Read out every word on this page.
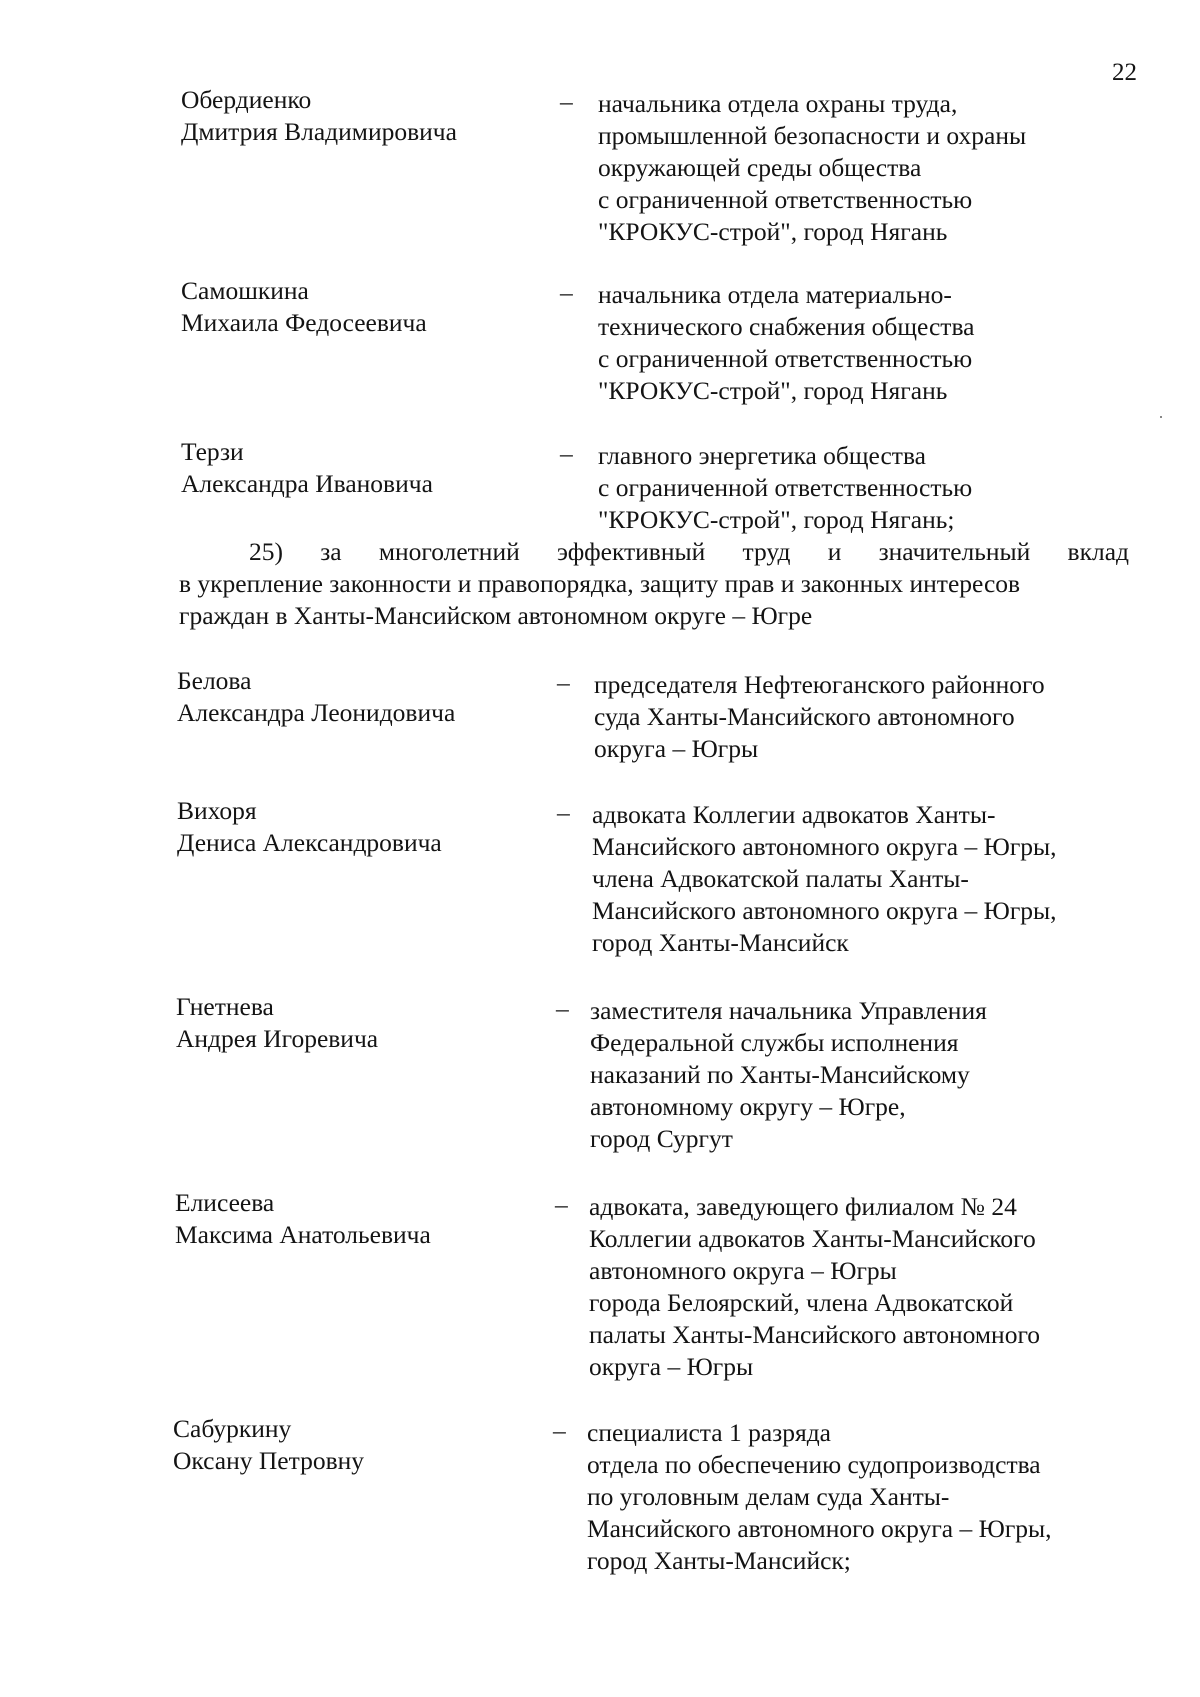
22
Обердиенко
Дмитрия Владимировича
– начальника отдела охраны труда,
промышленной безопасности и охраны
окружающей среды общества
с ограниченной ответственностью
"КРОКУС-строй", город Нягань
Самошкина
Михаила Федосеевича
– начальника отдела материально-
технического снабжения общества
с ограниченной ответственностью
"КРОКУС-строй", город Нягань
Терзи
Александра Ивановича
– главного энергетика общества
с ограниченной ответственностью
"КРОКУС-строй", город Нягань;
25) за многолетний эффективный труд и значительный вклад
в укрепление законности и правопорядка, защиту прав и законных интересов
граждан в Ханты-Мансийском автономном округе – Югре
Белова
Александра Леонидовича
– председателя Нефтеюганского районного
суда Ханты-Мансийского автономного
округа – Югры
Вихоря
Дениса Александровича
– адвоката Коллегии адвокатов Ханты-
Мансийского автономного округа – Югры,
члена Адвокатской палаты Ханты-
Мансийского автономного округа – Югры,
город Ханты-Мансийск
Гнетнева
Андрея Игоревича
– заместителя начальника Управления
Федеральной службы исполнения
наказаний по Ханты-Мансийскому
автономному округу – Югре,
город Сургут
Елисеева
Максима Анатольевича
– адвоката, заведующего филиалом № 24
Коллегии адвокатов Ханты-Мансийского
автономного округа – Югры
города Белоярский, члена Адвокатской
палаты Ханты-Мансийского автономного
округа – Югры
Сабуркину
Оксану Петровну
– специалиста 1 разряда
отдела по обеспечению судопроизводства
по уголовным делам суда Ханты-
Мансийского автономного округа – Югры,
город Ханты-Мансийск;
